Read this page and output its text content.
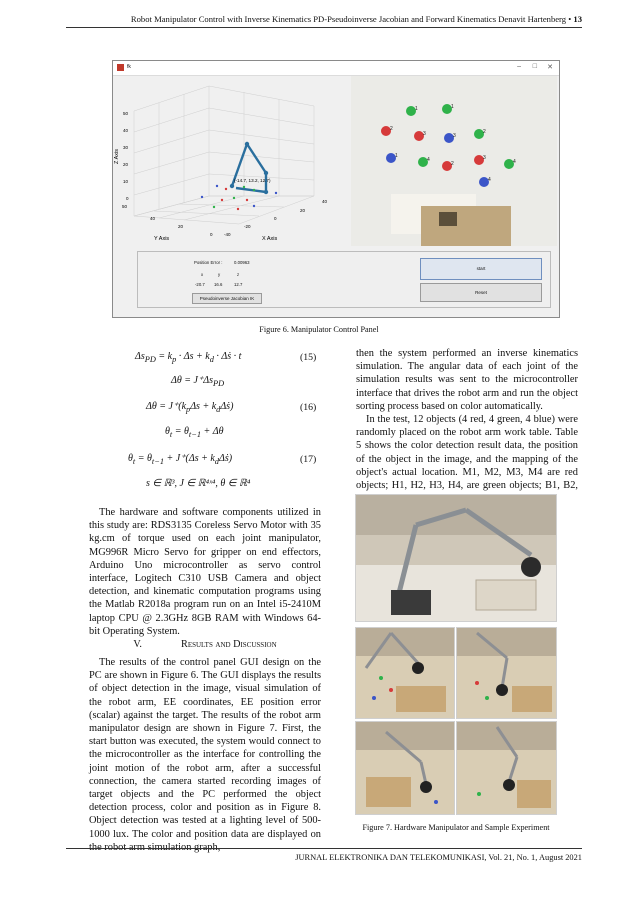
Robot Manipulator Control with Inverse Kinematics PD-Pseudoinverse Jacobian and Forward Kinematics Denavit Hartenberg • 13
fk	– □ ✕
Z Axis
Y Axis	X Axis
50
40
30
20
10
0
50
40
20
0	-40
-20
0
20
40
(-14.7, 13.2, 12.7)
1	1
2
3	3
2
1
4
2
3
4
4
Position Error :	0.00963
x	y	z
-20.7 16.6	12.7
Pseudoinverse Jacobian IK
start
Reset
Figure 6. Manipulator Control Panel
$\Delta s_{PD} = k_p \cdot \Delta s + k_d$ · Δṡ · t	(15)
$\Delta\theta = J^+\Delta s_{PD}$
$\Delta\theta = J^+(k_p\Delta s$ + $k_d\Delta ṡ$)	(16)
$\theta_t = \theta_{t-1} + \Delta\theta$
$\theta_t = \theta_{t-1} + J^+(\Delta s$ + $k_d\Delta ṡ$)	(17)
s ∈ ℝ³, J ∈ ℝ⁴ˣ⁴, θ ∈ ℝ⁴
The hardware and software components utilized in this study are: RDS3135 Coreless Servo Motor with 35 kg.cm of torque used on each joint manipulator, MG996R Micro Servo for gripper on end effectors, Arduino Uno microcontroller as servo control interface, Logitech C310 USB Camera and object detection, and kinematic computation programs using the Matlab R2018a program run on an Intel i5-2410M laptop CPU @ 2.3GHz 8GB RAM with Windows 64-bit Operating System.
V.	Results and Discussion
The results of the control panel GUI design on the PC are shown in Figure 6. The GUI displays the results of object detection in the image, visual simulation of the robot arm, EE coordinates, EE position error (scalar) against the target. The results of the robot arm manipulator design are shown in Figure 7. First, the start button was executed, the system would connect to the microcontroller as the interface for controlling the joint motion of the robot arm, after a successful connection, the camera started recording images of target objects and the PC performed the object detection process, color and position as in Figure 8. Object detection was tested at a lighting level of 500-1000 lux. The color and position data are displayed on
then the system performed an inverse kinematics simulation. The angular data of each joint of the simulation results was sent to the microcontroller interface that drives the robot arm and run the object sorting process based on color automatically.
In the test, 12 objects (4 red, 4 green, 4 blue) were randomly placed on the robot arm work table. Table 5 shows the color detection result data, the position of the object in the image, and the mapping of the object's actual location. M1, M2, M3, M4 are red objects; H1, H2, H3, H4, are green objects; B1, B2,
Figure 7. Hardware Manipulator and Sample Experiment
JURNAL ELEKTRONIKA DAN TELEKOMUNIKASI, Vol. 21, No. 1, August 2021
